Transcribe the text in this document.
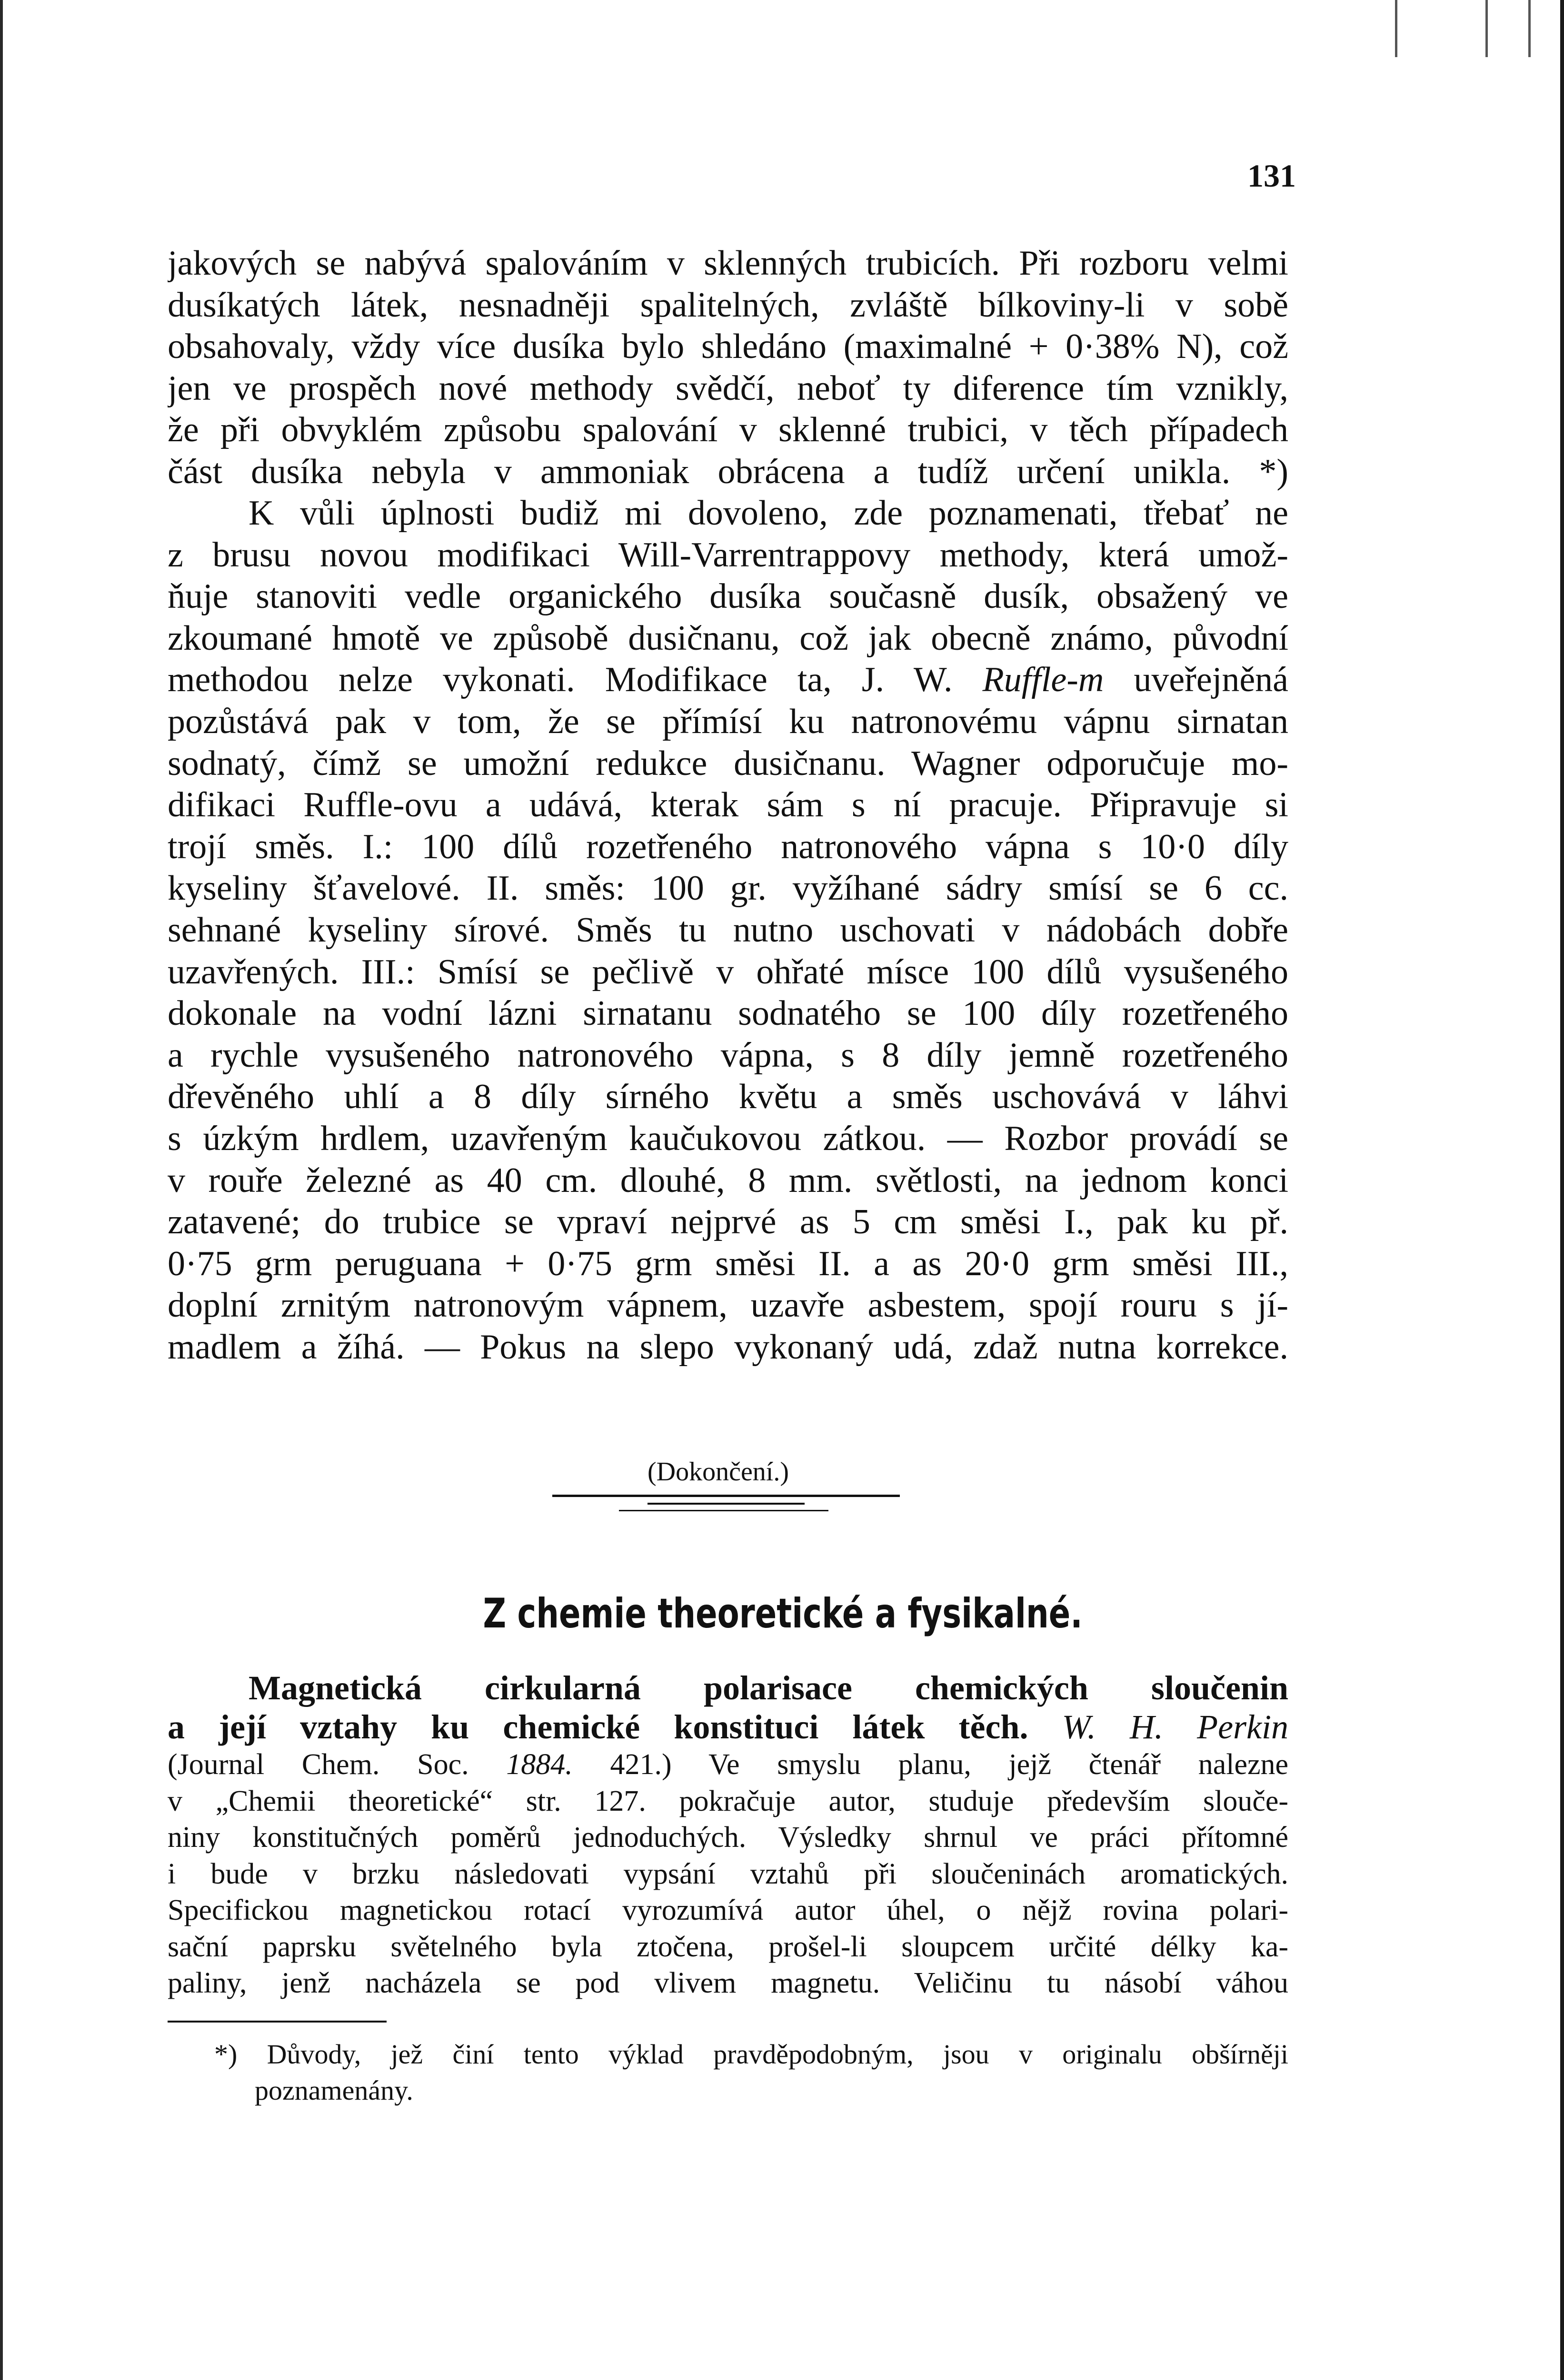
131
jakových se nabývá spalováním v sklenných trubicích. Při rozboru velmi
dusíkatých látek, nesnadněji spalitelných, zvláště bílkoviny-li v sobě
obsahovaly, vždy více dusíka bylo shledáno (maximalné + 0·38% N), což
jen ve prospěch nové methody svědčí, neboť ty diference tím vznikly,
že při obvyklém způsobu spalování v sklenné trubici, v těch případech
část dusíka nebyla v ammoniak obrácena a tudíž určení unikla. *)
K vůli úplnosti budiž mi dovoleno, zde poznamenati, třebať ne
z brusu novou modifikaci Will-Varrentrappovy methody, která umož-
ňuje stanoviti vedle organického dusíka současně dusík, obsažený ve
zkoumané hmotě ve způsobě dusičnanu, což jak obecně známo, původní
methodou nelze vykonati. Modifikace ta, J. W. Ruffle-m uveřejněná
pozůstává pak v tom, že se přímísí ku natronovému vápnu sirnatan
sodnatý, čímž se umožní redukce dusičnanu. Wagner odporučuje mo-
difikaci Ruffle-ovu a udává, kterak sám s ní pracuje. Připravuje si
trojí směs. I.: 100 dílů rozetřeného natronového vápna s 10·0 díly
kyseliny šťavelové. II. směs: 100 gr. vyžíhané sádry smísí se 6 cc.
sehnané kyseliny sírové. Směs tu nutno uschovati v nádobách dobře
uzavřených. III.: Smísí se pečlivě v ohřaté mísce 100 dílů vysušeného
dokonale na vodní lázni sirnatanu sodnatého se 100 díly rozetřeného
a rychle vysušeného natronového vápna, s 8 díly jemně rozetřeného
dřevěného uhlí a 8 díly sírného květu a směs uschovává v láhvi
s úzkým hrdlem, uzavřeným kaučukovou zátkou. — Rozbor provádí se
v rouře železné as 40 cm. dlouhé, 8 mm. světlosti, na jednom konci
zatavené; do trubice se vpraví nejprvé as 5 cm směsi I., pak ku př.
0·75 grm peruguana + 0·75 grm směsi II. a as 20·0 grm směsi III.,
doplní zrnitým natronovým vápnem, uzavře asbestem, spojí rouru s jí-
madlem a žíhá. — Pokus na slepo vykonaný udá, zdaž nutna korrekce.
(Dokončení.)
Z chemie theoretické a fysikalné.
Magnetická cirkularná polarisace chemických sloučenin
a její vztahy ku chemické konstituci látek těch. W. H. Perkin
(Journal Chem. Soc. 1884. 421.) Ve smyslu planu, jejž čtenář nalezne
v „Chemii theoretické“ str. 127. pokračuje autor, studuje především slouče-
niny konstitučných poměrů jednoduchých. Výsledky shrnul ve práci přítomné
i bude v brzku následovati vypsání vztahů při sloučeninách aromatických.
Specifickou magnetickou rotací vyrozumívá autor úhel, o nějž rovina polari-
sační paprsku světelného byla ztočena, prošel-li sloupcem určité délky ka-
paliny, jenž nacházela se pod vlivem magnetu. Veličinu tu násobí váhou
*) Důvody, jež činí tento výklad pravděpodobným, jsou v originalu obšírněji
poznamenány.
